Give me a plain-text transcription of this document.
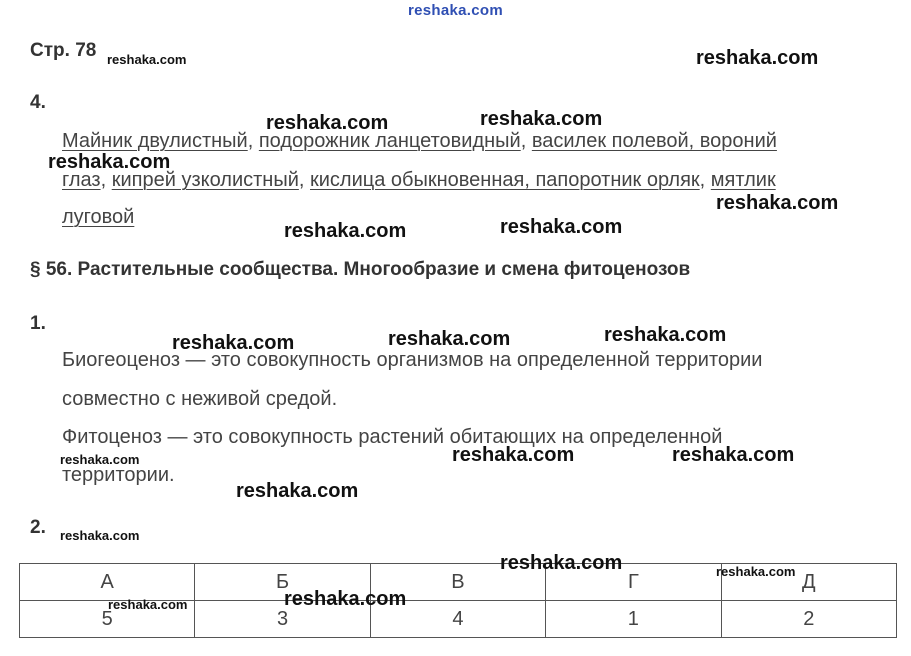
reshaka.com
Стр. 78
4.
Майник двулистный, подорожник ланцетовидный, василек полевой, вороний
глаз, кипрей узколистный, кислица обыкновенная, папоротник орляк, мятлик
луговой
§ 56. Растительные сообщества. Многообразие и смена фитоценозов
1.
Биогеоценоз — это совокупность организмов на определенной территории
совместно с неживой средой.
Фитоценоз — это совокупность растений обитающих на определенной
территории.
2.
А	Б	В	Г	Д
5	3	4	1	2
reshaka.com	reshaka.com
reshaka.com	reshaka.com
reshaka.com
reshaka.com
reshaka.com	reshaka.com
reshaka.com	reshaka.com	reshaka.com
reshaka.com	reshaka.com	reshaka.com
reshaka.com
reshaka.com
reshaka.com	reshaka.com
reshaka.com	reshaka.com
